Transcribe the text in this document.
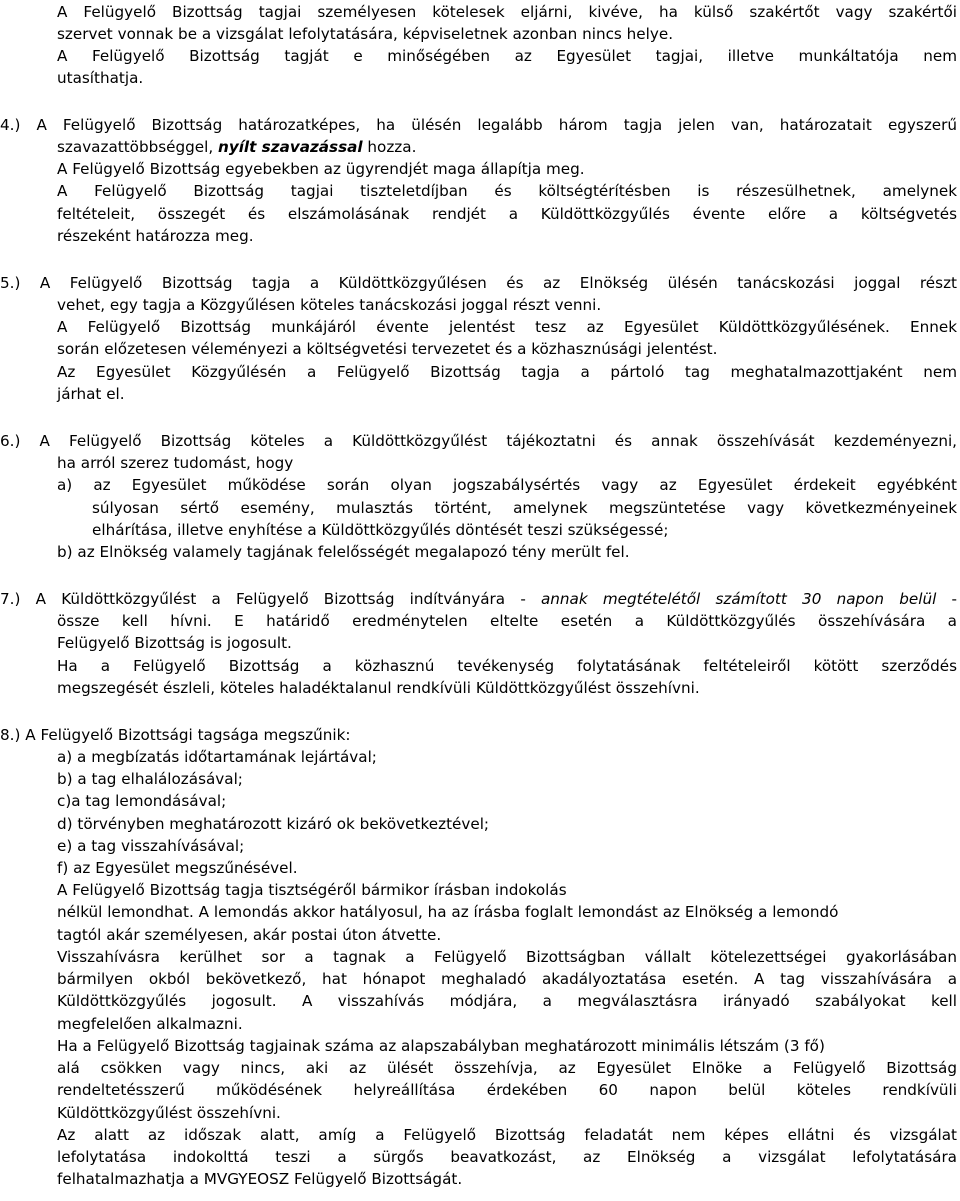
A Felügyelő Bizottság tagjai személyesen kötelesek eljárni, kivéve, ha külső szakértőt vagy szakértői
szervet vonnak be a vizsgálat lefolytatására, képviseletnek azonban nincs helye.
A Felügyelő Bizottság tagját e minőségében az Egyesület tagjai, illetve munkáltatója nem
utasíthatja.
4.) A Felügyelő Bizottság határozatképes, ha ülésén legalább három tagja jelen van, határozatait egyszerű
szavazattöbbséggel, nyílt szavazással hozza.
A Felügyelő Bizottság egyebekben az ügyrendjét maga állapítja meg.
A Felügyelő Bizottság tagjai tiszteletdíjban és költségtérítésben is részesülhetnek, amelynek
feltételeit, összegét és elszámolásának rendjét a Küldöttközgyűlés évente előre a költségvetés
részeként határozza meg.
5.) A Felügyelő Bizottság tagja a Küldöttközgyűlésen és az Elnökség ülésén tanácskozási joggal részt
vehet, egy tagja a Közgyűlésen köteles tanácskozási joggal részt venni.
A Felügyelő Bizottság munkájáról évente jelentést tesz az Egyesület Küldöttközgyűlésének. Ennek
során előzetesen véleményezi a költségvetési tervezetet és a közhasznúsági jelentést.
Az Egyesület Közgyűlésén a Felügyelő Bizottság tagja a pártoló tag meghatalmazottjaként nem
járhat el.
6.) A Felügyelő Bizottság köteles a Küldöttközgyűlést tájékoztatni és annak összehívását kezdeményezni,
ha arról szerez tudomást, hogy
a) az Egyesület működése során olyan jogszabálysértés vagy az Egyesület érdekeit egyébként
súlyosan sértő esemény, mulasztás történt, amelynek megszüntetése vagy következményeinek
elhárítása, illetve enyhítése a Küldöttközgyűlés döntését teszi szükségessé;
b) az Elnökség valamely tagjának felelősségét megalapozó tény merült fel.
7.) A Küldöttközgyűlést a Felügyelő Bizottság indítványára - annak megtételétől számított 30 napon belül -
össze kell hívni. E határidő eredménytelen eltelte esetén a Küldöttközgyűlés összehívására a
Felügyelő Bizottság is jogosult.
Ha a Felügyelő Bizottság a közhasznú tevékenység folytatásának feltételeiről kötött szerződés
megszegését észleli, köteles haladéktalanul rendkívüli Küldöttközgyűlést összehívni.
8.) A Felügyelő Bizottsági tagsága megszűnik:
a) a megbízatás időtartamának lejártával;
b) a tag elhalálozásával;
c)a tag lemondásával;
d) törvényben meghatározott kizáró ok bekövetkeztével;
e) a tag visszahívásával;
f) az Egyesület megszűnésével.
A Felügyelő Bizottság tagja tisztségéről bármikor írásban indokolás
nélkül lemondhat. A lemondás akkor hatályosul, ha az írásba foglalt lemondást az Elnökség a lemondó
tagtól akár személyesen, akár postai úton átvette.
Visszahívásra kerülhet sor a tagnak a Felügyelő Bizottságban vállalt kötelezettségei gyakorlásában
bármilyen okból bekövetkező, hat hónapot meghaladó akadályoztatása esetén. A tag visszahívására a
Küldöttközgyűlés jogosult. A visszahívás módjára, a megválasztásra irányadó szabályokat kell
megfelelően alkalmazni.
Ha a Felügyelő Bizottság tagjainak száma az alapszabályban meghatározott minimális létszám (3 fő)
alá csökken vagy nincs, aki az ülését összehívja, az Egyesület Elnöke a Felügyelő Bizottság
rendeltetésszerű működésének helyreállítása érdekében 60 napon belül köteles rendkívüli
Küldöttközgyűlést összehívni.
Az alatt az időszak alatt, amíg a Felügyelő Bizottság feladatát nem képes ellátni és vizsgálat
lefolytatása indokolttá teszi a sürgős beavatkozást, az Elnökség a vizsgálat lefolytatására
felhatalmazhatja a MVGYEOSZ Felügyelő Bizottságát.
